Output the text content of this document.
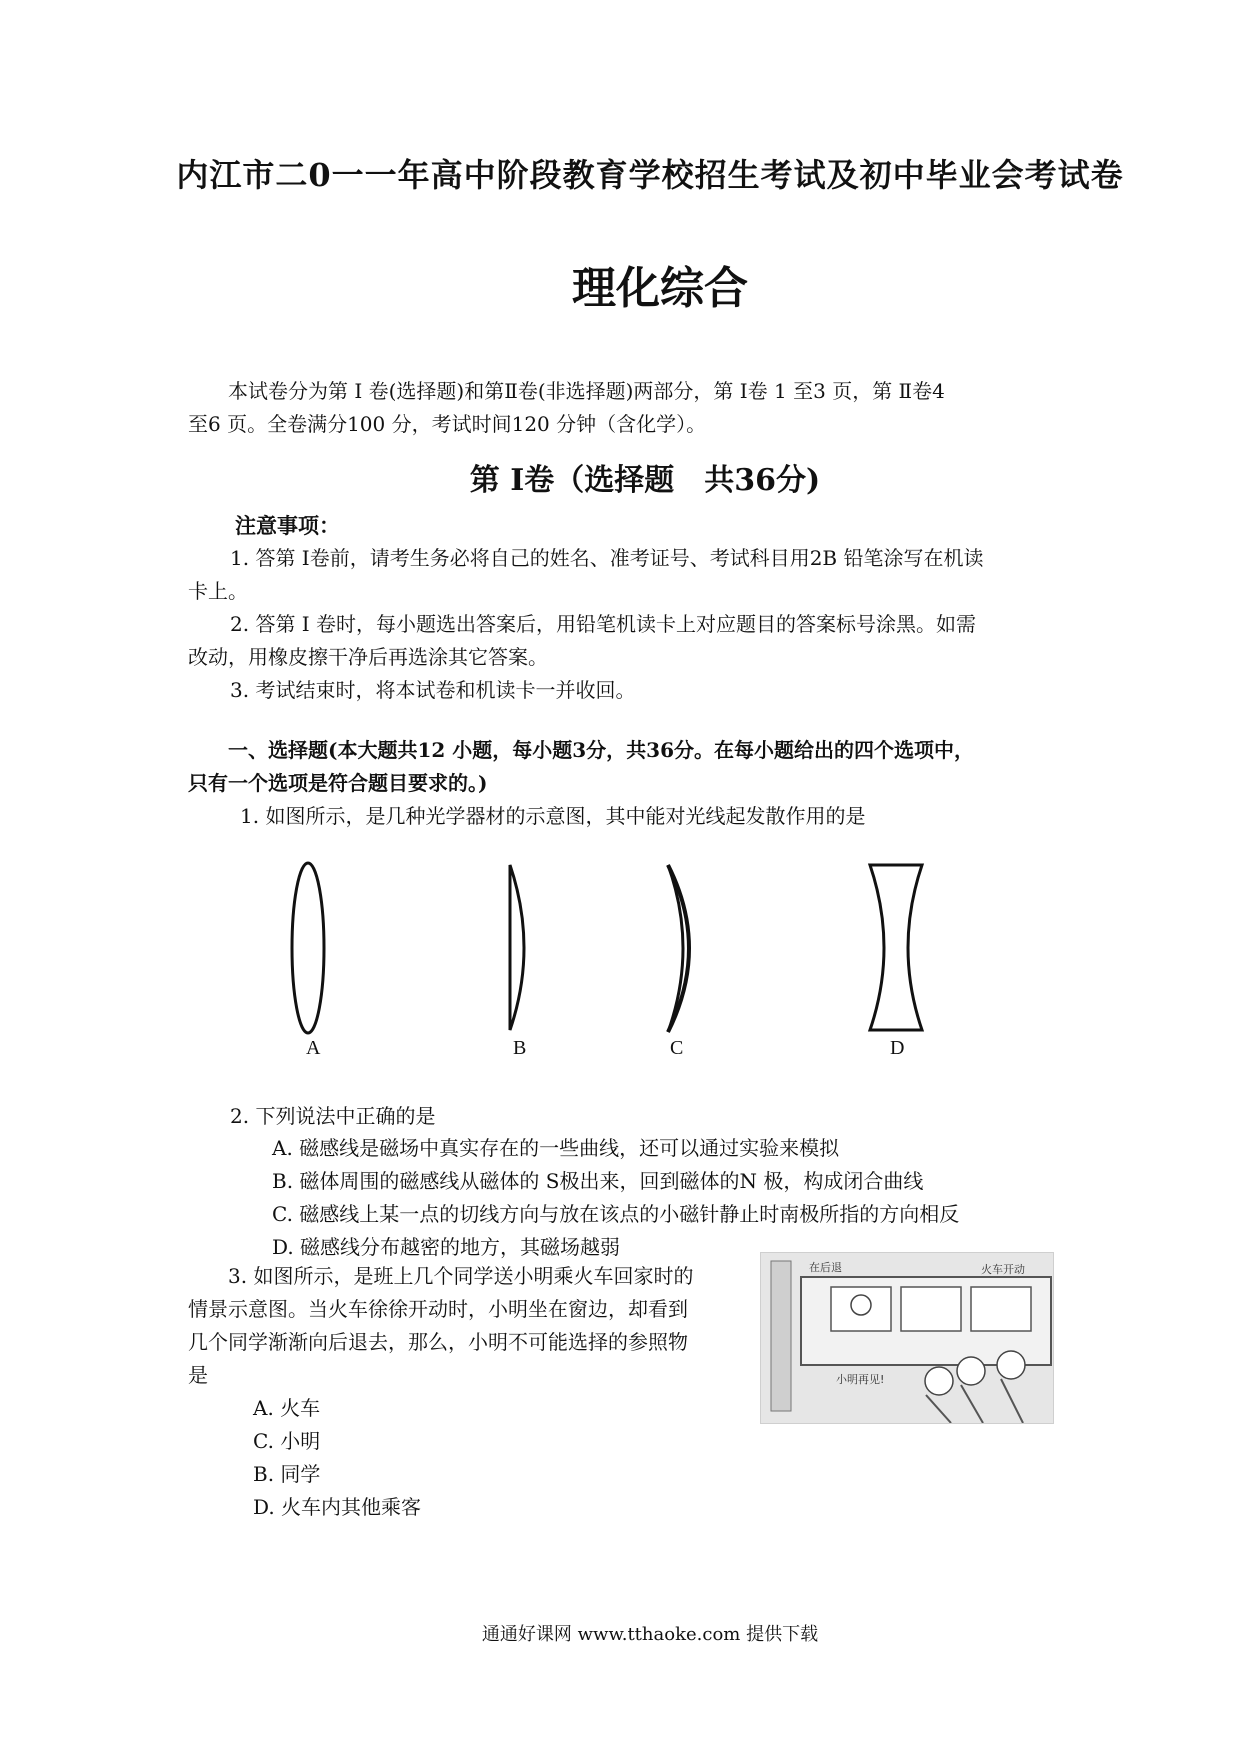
内江市二0一一年高中阶段教育学校招生考试及初中毕业会考试卷
理化综合
本试卷分为第 Ⅰ 卷(选择题)和第Ⅱ卷(非选择题)两部分，第 Ⅰ卷 1 至3 页，第 Ⅱ卷4
至6 页。全卷满分100 分，考试时间120 分钟（含化学）。
第 Ⅰ卷（选择题　共36分)
注意事项：

1. 答第 Ⅰ卷前，请考生务必将自己的姓名、准考证号、考试科目用2B 铅笔涂写在机读

卡上。

2. 答第 Ⅰ 卷时，每小题选出答案后，用铅笔机读卡上对应题目的答案标号涂黑。如需

改动，用橡皮擦干净后再选涂其它答案。

3. 考试结束时，将本试卷和机读卡一并收回。

一、选择题(本大题共12 小题，每小题3分，共36分。在每小题给出的四个选项中，

只有一个选项是符合题目要求的。)

1. 如图所示，是几种光学器材的示意图，其中能对光线起发散作用的是
A	B	C	D
2. 下列说法中正确的是
A. 磁感线是磁场中真实存在的一些曲线，还可以通过实验来模拟
B. 磁体周围的磁感线从磁体的 S极出来，回到磁体的N 极，构成闭合曲线
C. 磁感线上某一点的切线方向与放在该点的小磁针静止时南极所指的方向相反
D. 磁感线分布越密的地方，其磁场越弱
3. 如图所示，是班上几个同学送小明乘火车回家时的
情景示意图。当火车徐徐开动时，小明坐在窗边，却看到
几个同学渐渐向后退去，那么，小明不可能选择的参照物
是
A. 火车
C. 小明
B. 同学
D. 火车内其他乘客
在后退	火车开动
小明再见!
通通好课网 www.tthaoke.com 提供下载
